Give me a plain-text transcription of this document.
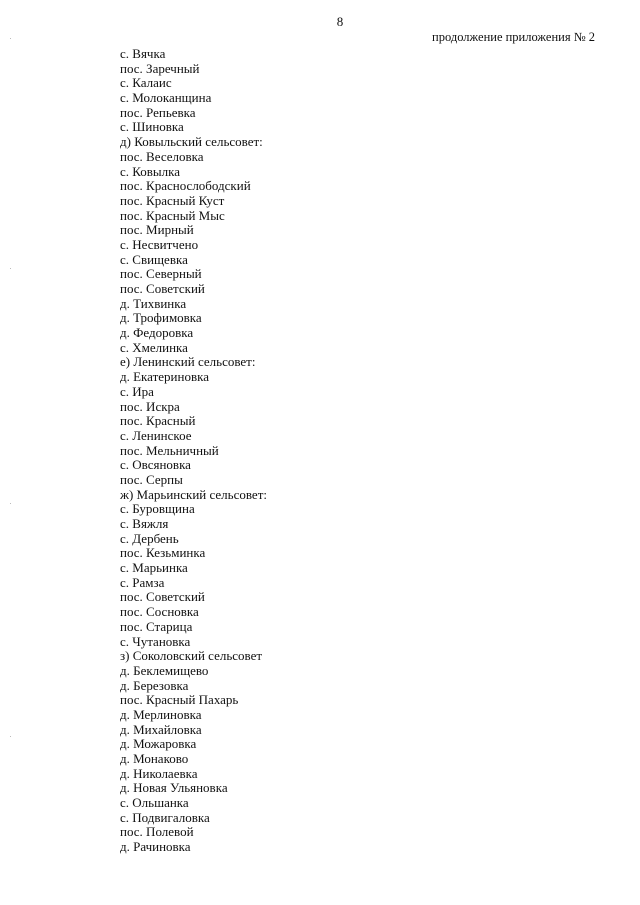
8
продолжение приложения № 2
с. Вячка
пос. Заречный
с. Калаис
с. Молоканщина
пос. Репьевка
с. Шиновка
д) Ковыльский сельсовет:
пос. Веселовка
с. Ковылка
пос. Краснослободский
пос. Красный Куст
пос. Красный Мыс
пос. Мирный
с. Несвитчено
с. Свищевка
пос. Северный
пос. Советский
д. Тихвинка
д. Трофимовка
д. Федоровка
с. Хмелинка
е) Ленинский сельсовет:
д. Екатериновка
с. Ира
пос. Искра
пос. Красный
с. Ленинское
пос. Мельничный
с. Овсяновка
пос. Серпы
ж) Марьинский сельсовет:
с. Буровщина
с. Вяжля
с. Дербень
пос. Кезьминка
с. Марьинка
с. Рамза
пос. Советский
пос. Сосновка
пос. Старица
с. Чутановка
з) Соколовский сельсовет
д. Беклемищево
д. Березовка
пос. Красный Пахарь
д. Мерлиновка
д. Михайловка
д. Можаровка
д. Монаково
д. Николаевка
д. Новая Ульяновка
с. Ольшанка
с. Подвигаловка
пос. Полевой
д. Рачиновка
